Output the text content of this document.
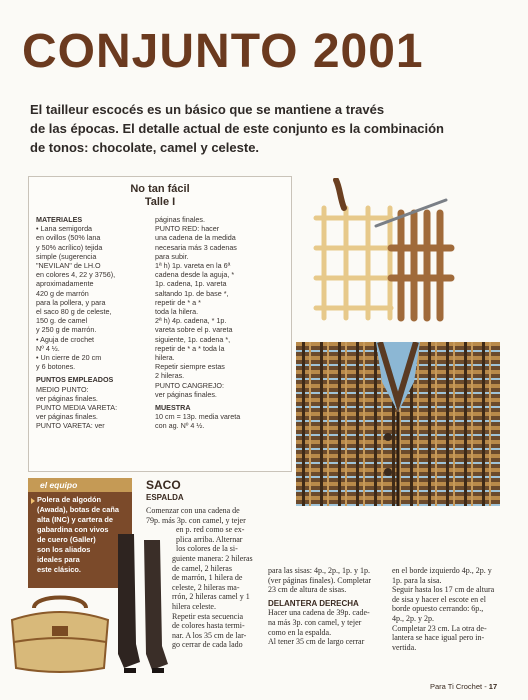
CONJUNTO 2001
El tailleur escocés es un básico que se mantiene a través
de las épocas. El detalle actual de este conjunto es la combinación
de tonos: chocolate, camel y celeste.
No tan fácil
Talle I
MATERIALES
• Lana semigorda
en ovillos (50% lana
y 50% acrílico) tejida
simple (sugerencia
"NEVILAN" de LH.O
en colores 4, 22 y 3756),
aproximadamente
420 g de marrón
para la pollera, y para
el saco 80 g de celeste,
150 g. de camel
y 250 g de marrón.
• Aguja de crochet
Nº 4 ½.
• Un cierre de 20 cm
y 6 botones.
PUNTOS EMPLEADOS
MEDIO PUNTO:
ver páginas finales.
PUNTO MEDIA VARETA:
ver páginas finales.
PUNTO VARETA: ver
páginas finales.
PUNTO RED: hacer
una cadena de la medida
necesaria más 3 cadenas
para subir.
1ª h) 1p. vareta en la 6ª
cadena desde la aguja, *
1p. cadena, 1p. vareta
saltando 1p. de base *,
repetir de * a *
toda la hilera.
2ª h) 4p. cadena, * 1p.
vareta sobre el p. vareta
siguiente, 1p. cadena *,
repetir de * a * toda la
hilera.
Repetir siempre estas
2 hileras.
PUNTO CANGREJO:
ver páginas finales.
MUESTRA
10 cm = 13p. media vareta
con ag. Nº 4 ½.
el equipo
Polera de algodón
(Awada), botas de caña
alta (INC) y cartera de
gabardina con vivos
de cuero (Galler)
son los aliados
ideales para
este clásico.
SACO
ESPALDA
Comenzar con una cadena de
79p. más 3p. con camel, y tejer
en p. red como se ex-
plica arriba. Alternar
los colores de la si-
guiente manera: 2 hileras
de camel, 2 hileras
de marrón, 1 hilera de
celeste, 2 hileras ma-
rrón, 2 hileras camel y 1
hilera celeste.
Repetir esta secuencia
de colores hasta termi-
nar. A los 35 cm de lar-
go cerrar de cada lado
para las sisas: 4p., 2p., 1p. y 1p.
(ver páginas finales). Completar
23 cm de altura de sisas.
DELANTERA DERECHA
Hacer una cadena de 39p. cade-
na más 3p. con camel, y tejer
como en la espalda.
Al tener 35 cm de largo cerrar
en el borde izquierdo 4p., 2p. y
1p. para la sisa.
Seguir hasta los 17 cm de altura
de sisa y hacer el escote en el
borde opuesto cerrando: 6p.,
4p., 2p. y 2p.
Completar 23 cm. La otra de-
lantera se hace igual pero in-
vertida.
Para Ti Crochet - 17
